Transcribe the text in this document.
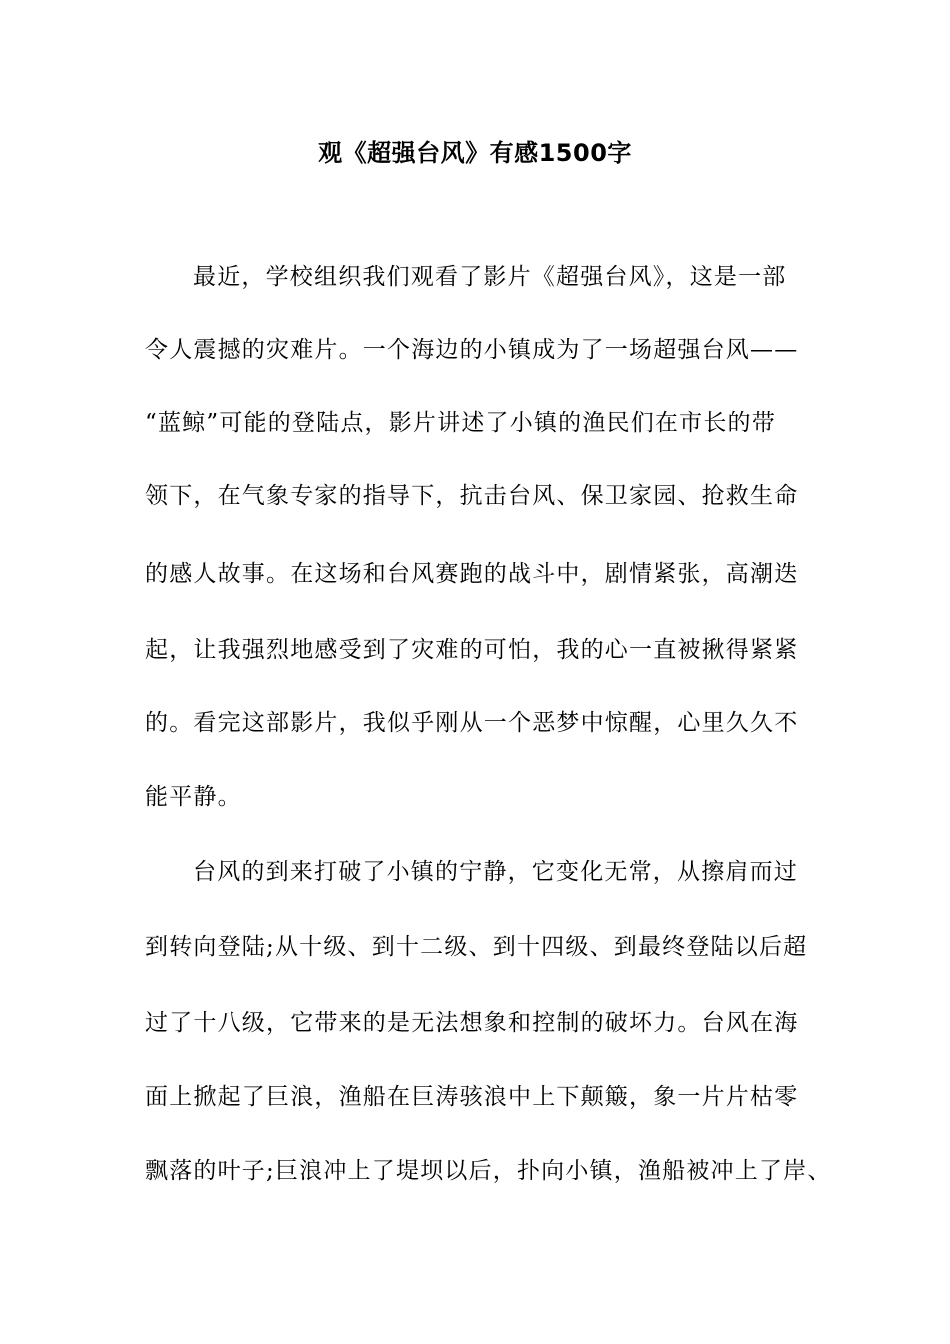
观《超强台风》有感1500字
最近，学校组织我们观看了影片《超强台风》，这是一部
令人震撼的灾难片。一个海边的小镇成为了一场超强台风——
“蓝鲸”可能的登陆点，影片讲述了小镇的渔民们在市长的带
领下，在气象专家的指导下，抗击台风、保卫家园、抢救生命
的感人故事。在这场和台风赛跑的战斗中，剧情紧张，高潮迭
起，让我强烈地感受到了灾难的可怕，我的心一直被揪得紧紧
的。看完这部影片，我似乎刚从一个恶梦中惊醒，心里久久不
能平静。
台风的到来打破了小镇的宁静，它变化无常，从擦肩而过
到转向登陆;从十级、到十二级、到十四级、到最终登陆以后超
过了十八级，它带来的是无法想象和控制的破坏力。台风在海
面上掀起了巨浪，渔船在巨涛骇浪中上下颠簸，象一片片枯零
飘落的叶子;巨浪冲上了堤坝以后，扑向小镇，渔船被冲上了岸、
